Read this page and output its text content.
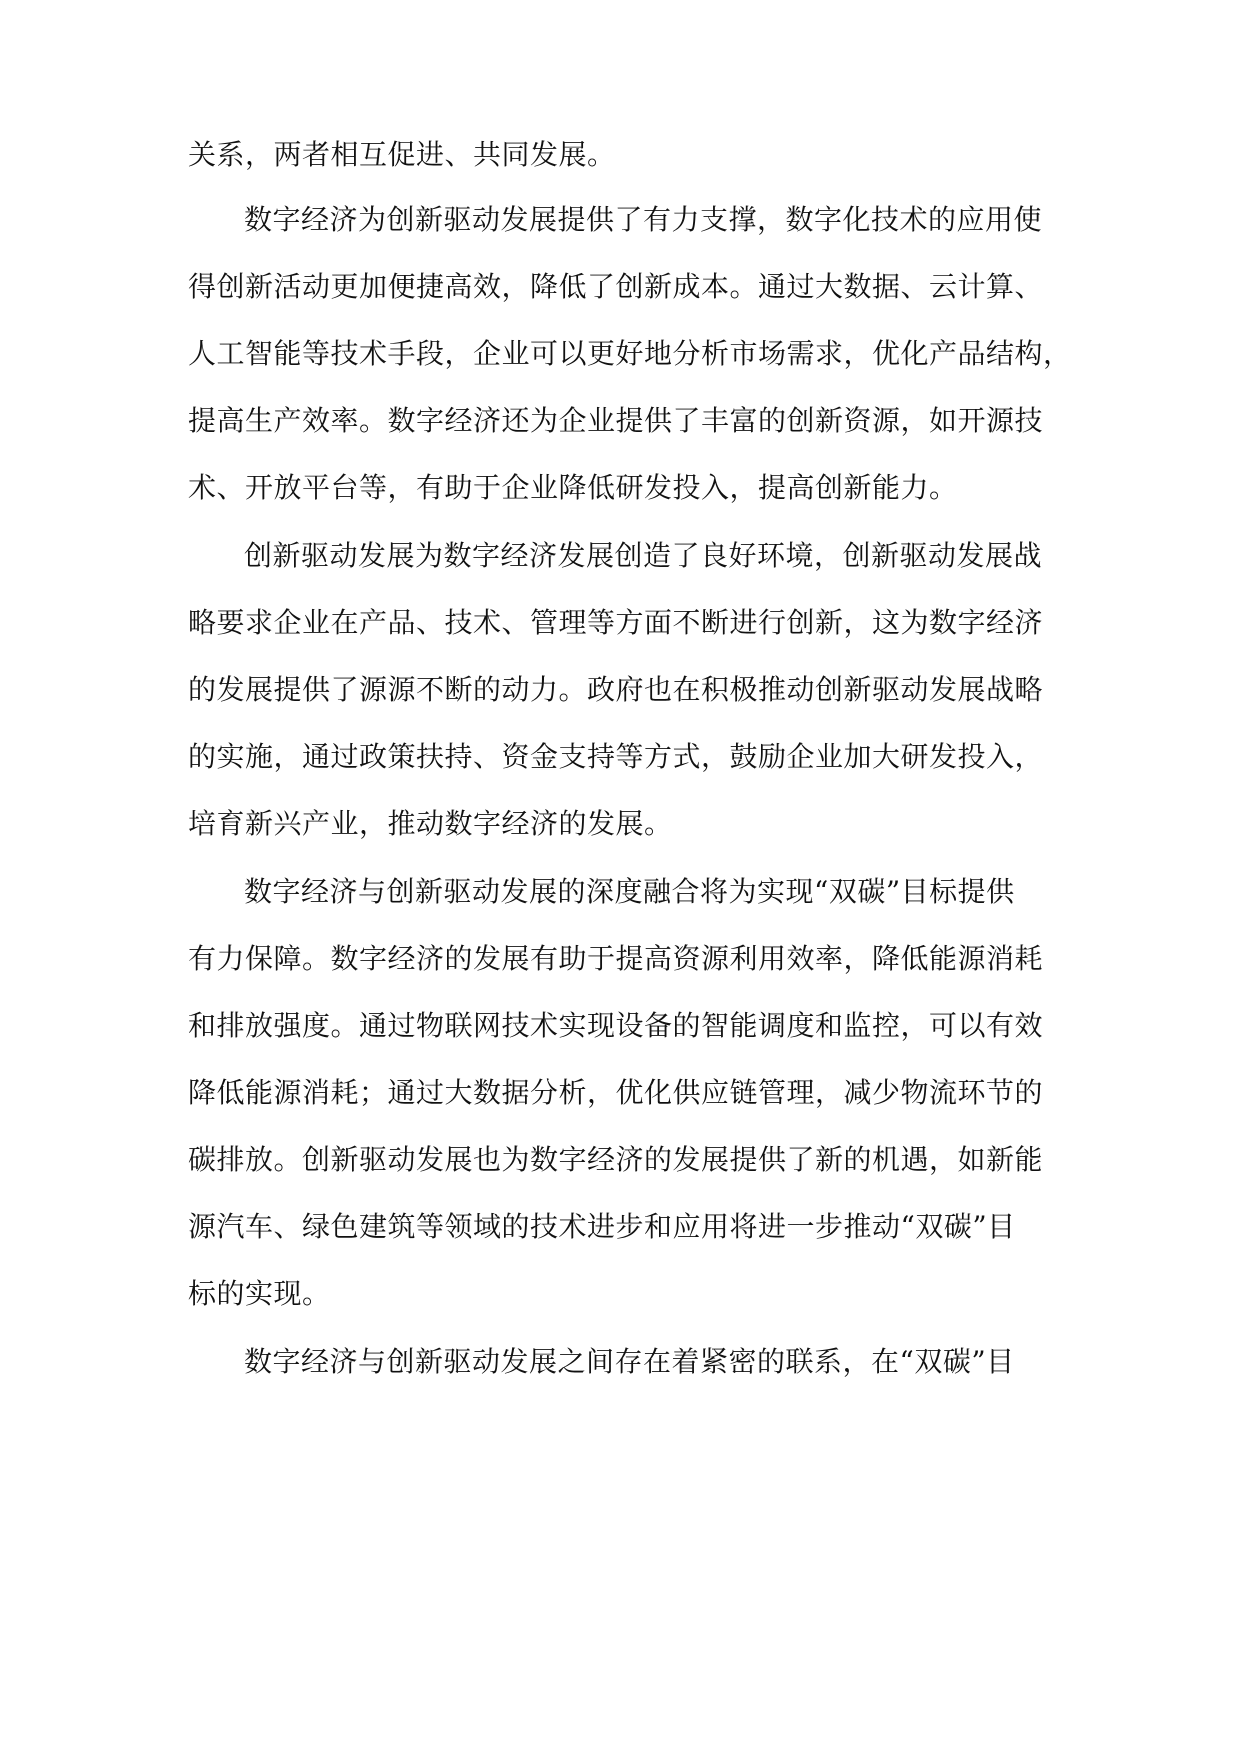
关系，两者相互促进、共同发展。
数字经济为创新驱动发展提供了有力支撑，数字化技术的应用使
得创新活动更加便捷高效，降低了创新成本。通过大数据、云计算、
人工智能等技术手段，企业可以更好地分析市场需求，优化产品结构，
提高生产效率。数字经济还为企业提供了丰富的创新资源，如开源技
术、开放平台等，有助于企业降低研发投入，提高创新能力。
创新驱动发展为数字经济发展创造了良好环境，创新驱动发展战
略要求企业在产品、技术、管理等方面不断进行创新，这为数字经济
的发展提供了源源不断的动力。政府也在积极推动创新驱动发展战略
的实施，通过政策扶持、资金支持等方式，鼓励企业加大研发投入，
培育新兴产业，推动数字经济的发展。
数字经济与创新驱动发展的深度融合将为实现“双碳”目标提供
有力保障。数字经济的发展有助于提高资源利用效率，降低能源消耗
和排放强度。通过物联网技术实现设备的智能调度和监控，可以有效
降低能源消耗；通过大数据分析，优化供应链管理，减少物流环节的
碳排放。创新驱动发展也为数字经济的发展提供了新的机遇，如新能
源汽车、绿色建筑等领域的技术进步和应用将进一步推动“双碳”目
标的实现。
数字经济与创新驱动发展之间存在着紧密的联系，在“双碳”目
